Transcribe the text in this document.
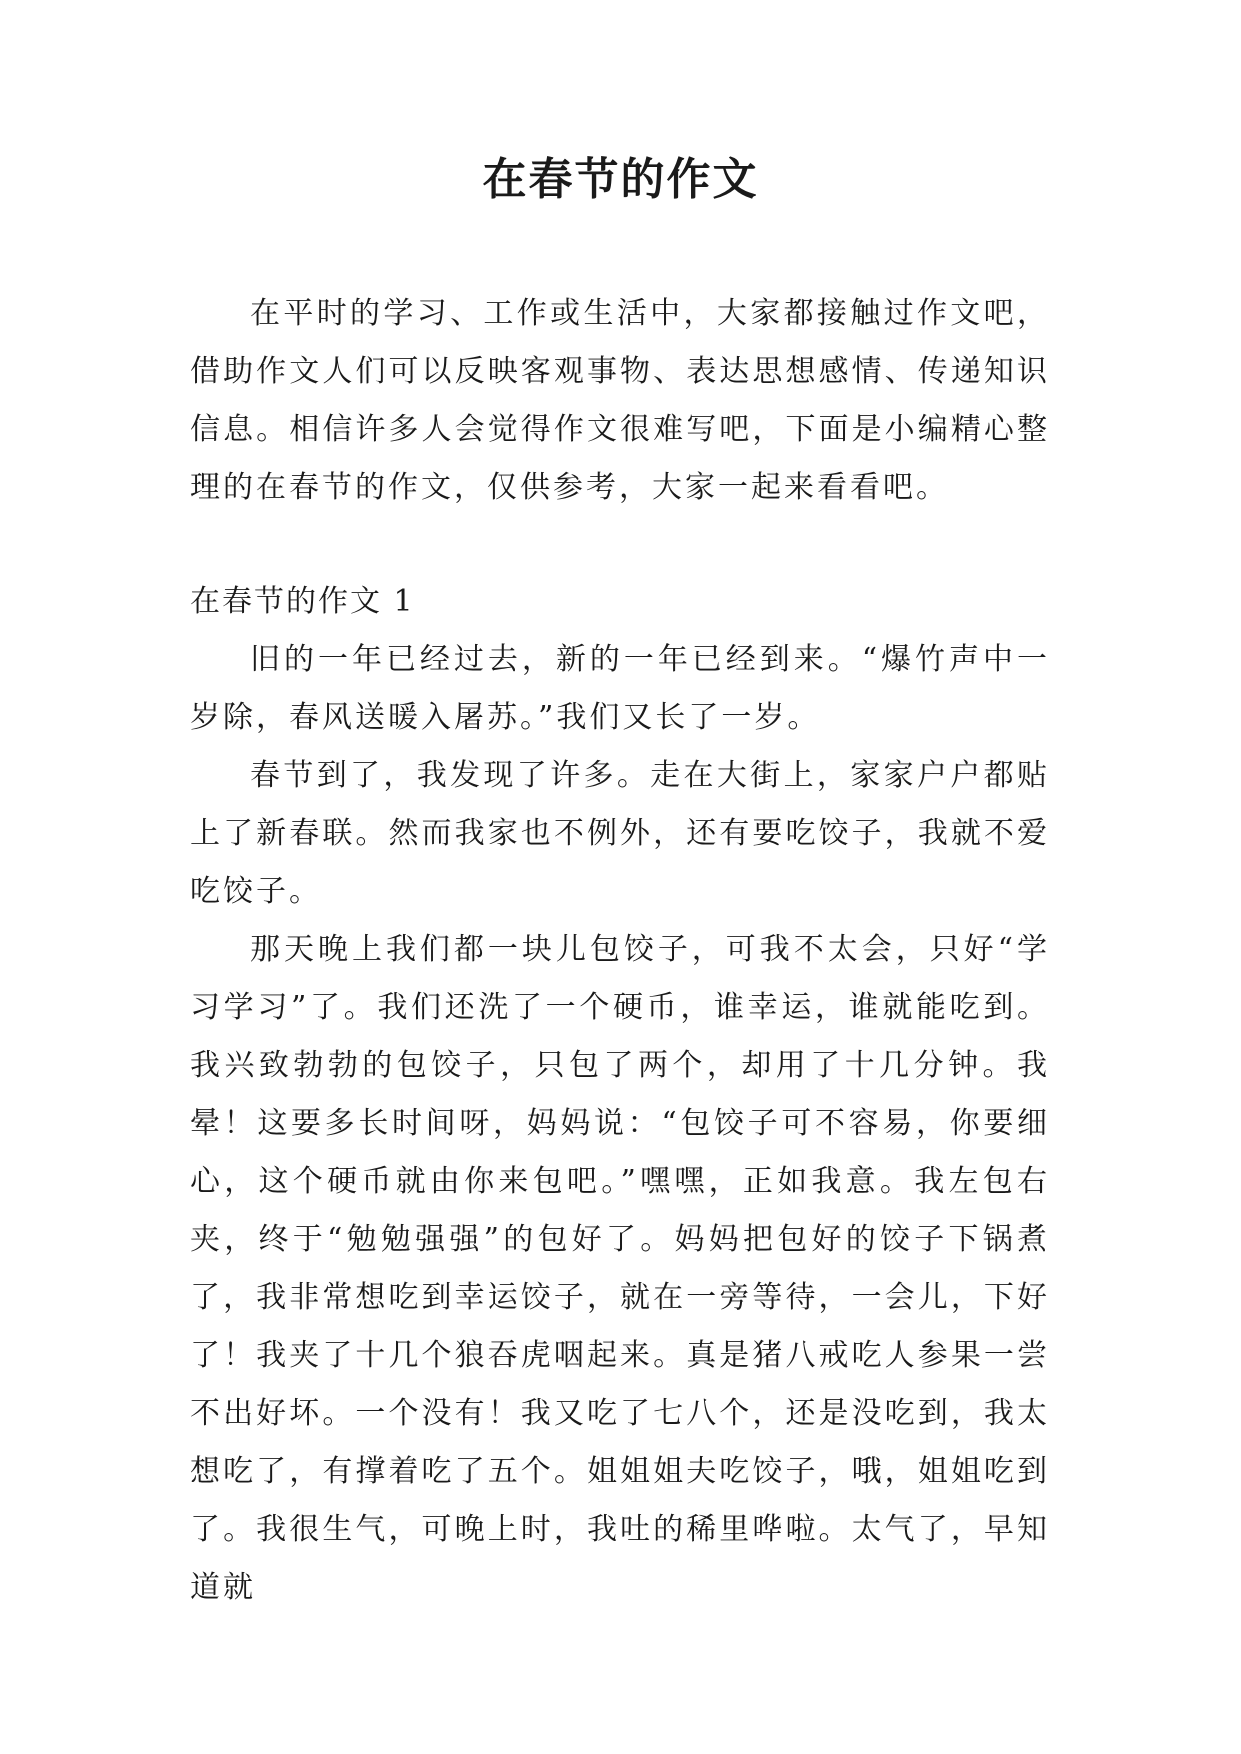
在春节的作文

在平时的学习、工作或生活中，大家都接触过作文吧，借助作文人们可以反映客观事物、表达思想感情、传递知识信息。相信许多人会觉得作文很难写吧，下面是小编精心整理的在春节的作文，仅供参考，大家一起来看看吧。

在春节的作文 1

旧的一年已经过去，新的一年已经到来。“爆竹声中一岁除，春风送暖入屠苏。”我们又长了一岁。

春节到了，我发现了许多。走在大街上，家家户户都贴上了新春联。然而我家也不例外，还有要吃饺子，我就不爱吃饺子。

那天晚上我们都一块儿包饺子，可我不太会，只好“学习学习”了。我们还洗了一个硬币，谁幸运，谁就能吃到。我兴致勃勃的包饺子，只包了两个，却用了十几分钟。我晕！这要多长时间呀，妈妈说：“包饺子可不容易，你要细心，这个硬币就由你来包吧。”嘿嘿，正如我意。我左包右夹，终于“勉勉强强”的包好了。妈妈把包好的饺子下锅煮了，我非常想吃到幸运饺子，就在一旁等待，一会儿，下好了！我夹了十几个狼吞虎咽起来。真是猪八戒吃人参果一尝不出好坏。一个没有！我又吃了七八个，还是没吃到，我太想吃了，有撑着吃了五个。姐姐姐夫吃饺子，哦，姐姐吃到了。我很生气，可晚上时，我吐的稀里哗啦。太气了，早知道就
